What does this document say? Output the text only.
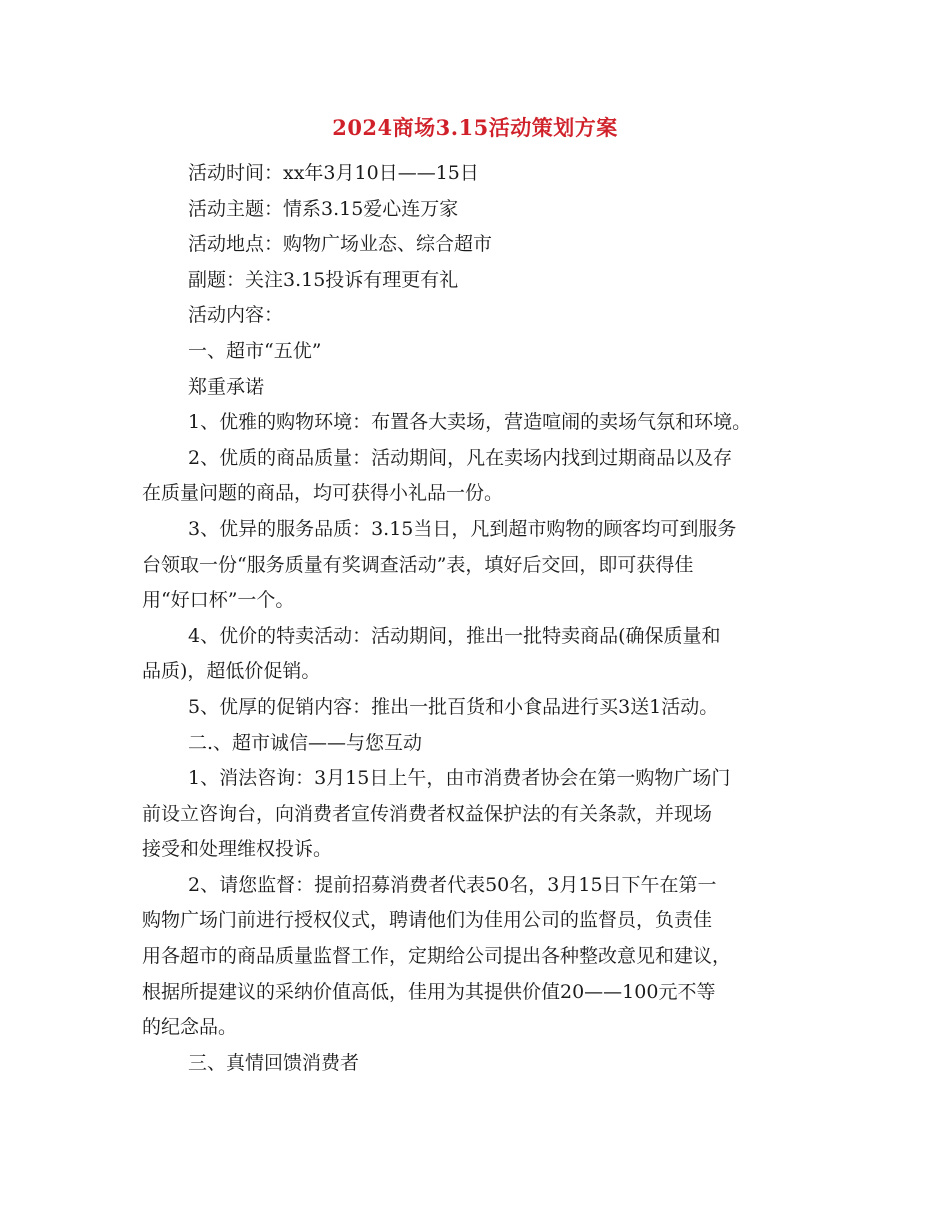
2024商场3.15活动策划方案

活动时间：xx年3月10日——15日

活动主题：情系3.15爱心连万家

活动地点：购物广场业态、综合超市

副题：关注3.15投诉有理更有礼

活动内容：

一、超市“五优”

郑重承诺

1、优雅的购物环境：布置各大卖场，营造喧闹的卖场气氛和环境。

2、优质的商品质量：活动期间，凡在卖场内找到过期商品以及存

在质量问题的商品，均可获得小礼品一份。

3、优异的服务品质：3.15当日，凡到超市购物的顾客均可到服务

台领取一份“服务质量有奖调查活动”表，填好后交回，即可获得佳

用“好口杯”一个。

4、优价的特卖活动：活动期间，推出一批特卖商品(确保质量和

品质)，超低价促销。

5、优厚的促销内容：推出一批百货和小食品进行买3送1活动。

二.、超市诚信——与您互动

1、消法咨询：3月15日上午，由市消费者协会在第一购物广场门

前设立咨询台，向消费者宣传消费者权益保护法的有关条款，并现场

接受和处理维权投诉。

2、请您监督：提前招募消费者代表50名，3月15日下午在第一

购物广场门前进行授权仪式，聘请他们为佳用公司的监督员，负责佳

用各超市的商品质量监督工作，定期给公司提出各种整改意见和建议，

根据所提建议的采纳价值高低，佳用为其提供价值20——100元不等

的纪念品。

三、真情回馈消费者
